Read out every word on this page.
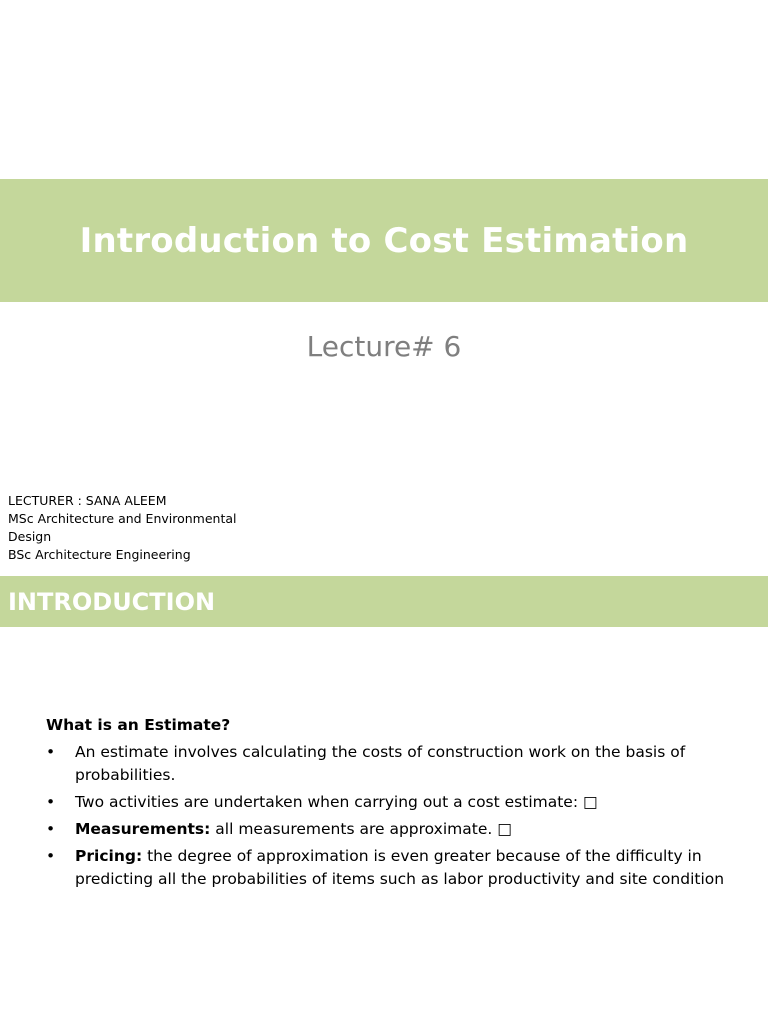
Introduction to Cost Estimation
Lecture# 6
LECTURER : SANA ALEEM
MSc Architecture and Environmental
Design
BSc Architecture Engineering
INTRODUCTION
What is an Estimate?
• An estimate involves calculating the costs of construction work on the basis of probabilities.
• Two activities are undertaken when carrying out a cost estimate: □
• Measurements: all measurements are approximate. □
• Pricing: the degree of approximation is even greater because of the difficulty in predicting all the probabilities of items such as labor productivity and site condition
